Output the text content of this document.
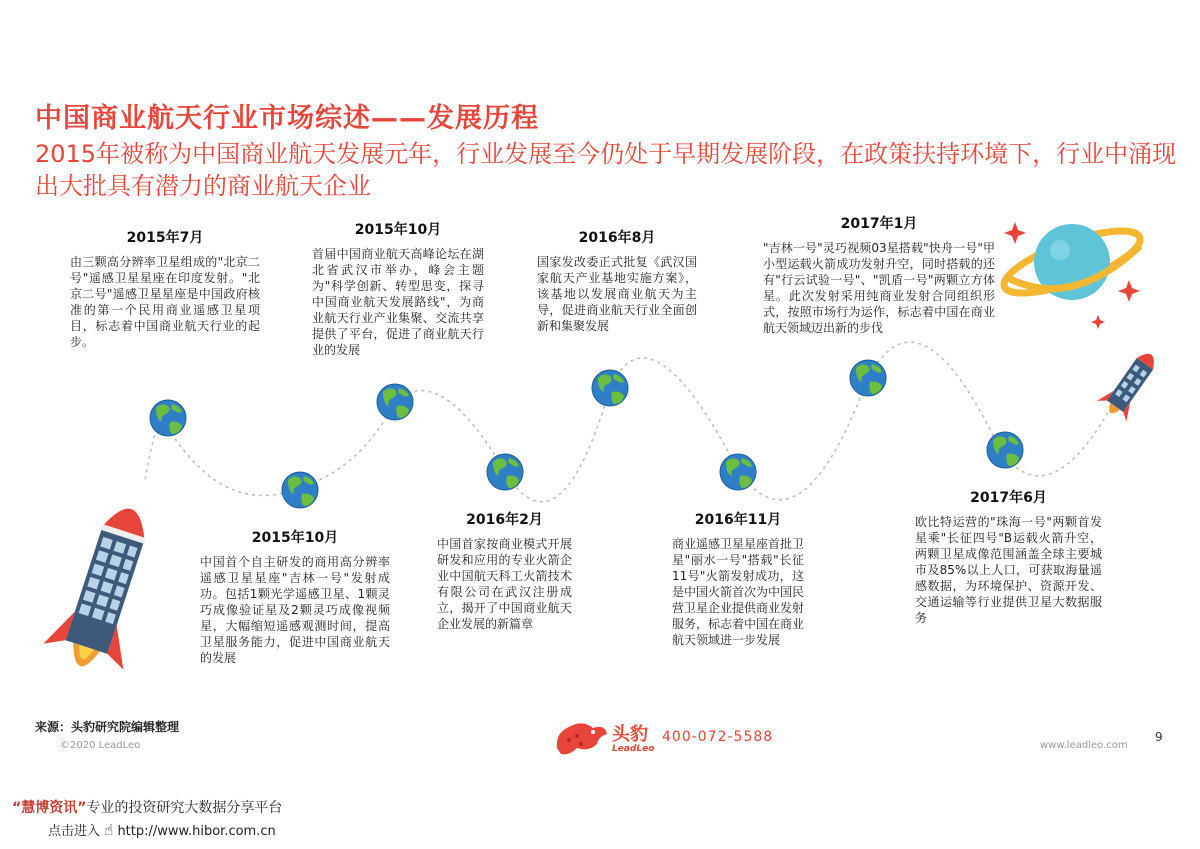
中国商业航天行业市场综述——发展历程
2015年被称为中国商业航天发展元年，行业发展至今仍处于早期发展阶段，在政策扶持环境下，行业中涌现出大批具有潜力的商业航天企业
2015年7月
由三颗高分辨率卫星组成的"北京二号"遥感卫星星座在印度发射。"北京二号"遥感卫星星座是中国政府核准的第一个民用商业遥感卫星项目，标志着中国商业航天行业的起步。
2015年10月
中国首个自主研发的商用高分辨率遥感卫星星座"吉林一号"发射成功。包括1颗光学遥感卫星、1颗灵巧成像验证星及2颗灵巧成像视频星，大幅缩短遥感观测时间，提高卫星服务能力，促进中国商业航天的发展
2015年10月
首届中国商业航天高峰论坛在湖北省武汉市举办，峰会主题为"科学创新、转型思变，探寻中国商业航天发展路线"，为商业航天行业产业集聚、交流共享提供了平台，促进了商业航天行业的发展
2016年2月
中国首家按商业模式开展研发和应用的专业火箭企业中国航天科工火箭技术有限公司在武汉注册成立，揭开了中国商业航天企业发展的新篇章
2016年8月
国家发改委正式批复《武汉国家航天产业基地实施方案》，该基地以发展商业航天为主导，促进商业航天行业全面创新和集聚发展
2016年11月
商业遥感卫星星座首批卫星"丽水一号"搭载"长征11号"火箭发射成功，这是中国火箭首次为中国民营卫星企业提供商业发射服务，标志着中国在商业航天领域进一步发展
2017年1月
"吉林一号"灵巧视频03星搭载"快舟一号"甲小型运载火箭成功发射升空，同时搭载的还有"行云试验一号"、"凯盾一号"两颗立方体星。此次发射采用纯商业发射合同组织形式，按照市场行为运作，标志着中国在商业航天领域迈出新的步伐
2017年6月
欧比特运营的"珠海一号"两颗首发星乘"长征四号"B运载火箭升空，两颗卫星成像范围涵盖全球主要城市及85%以上人口，可获取海量遥感数据，为环境保护、资源开发、交通运输等行业提供卫星大数据服务
来源：头豹研究院编辑整理
©2020 LeadLeo
头豹
LeadLeo
400-072-5588
www.leadleo.com
9
“慧博资讯”专业的投资研究大数据分享平台
点击进入 ☝ http://www.hibor.com.cn
